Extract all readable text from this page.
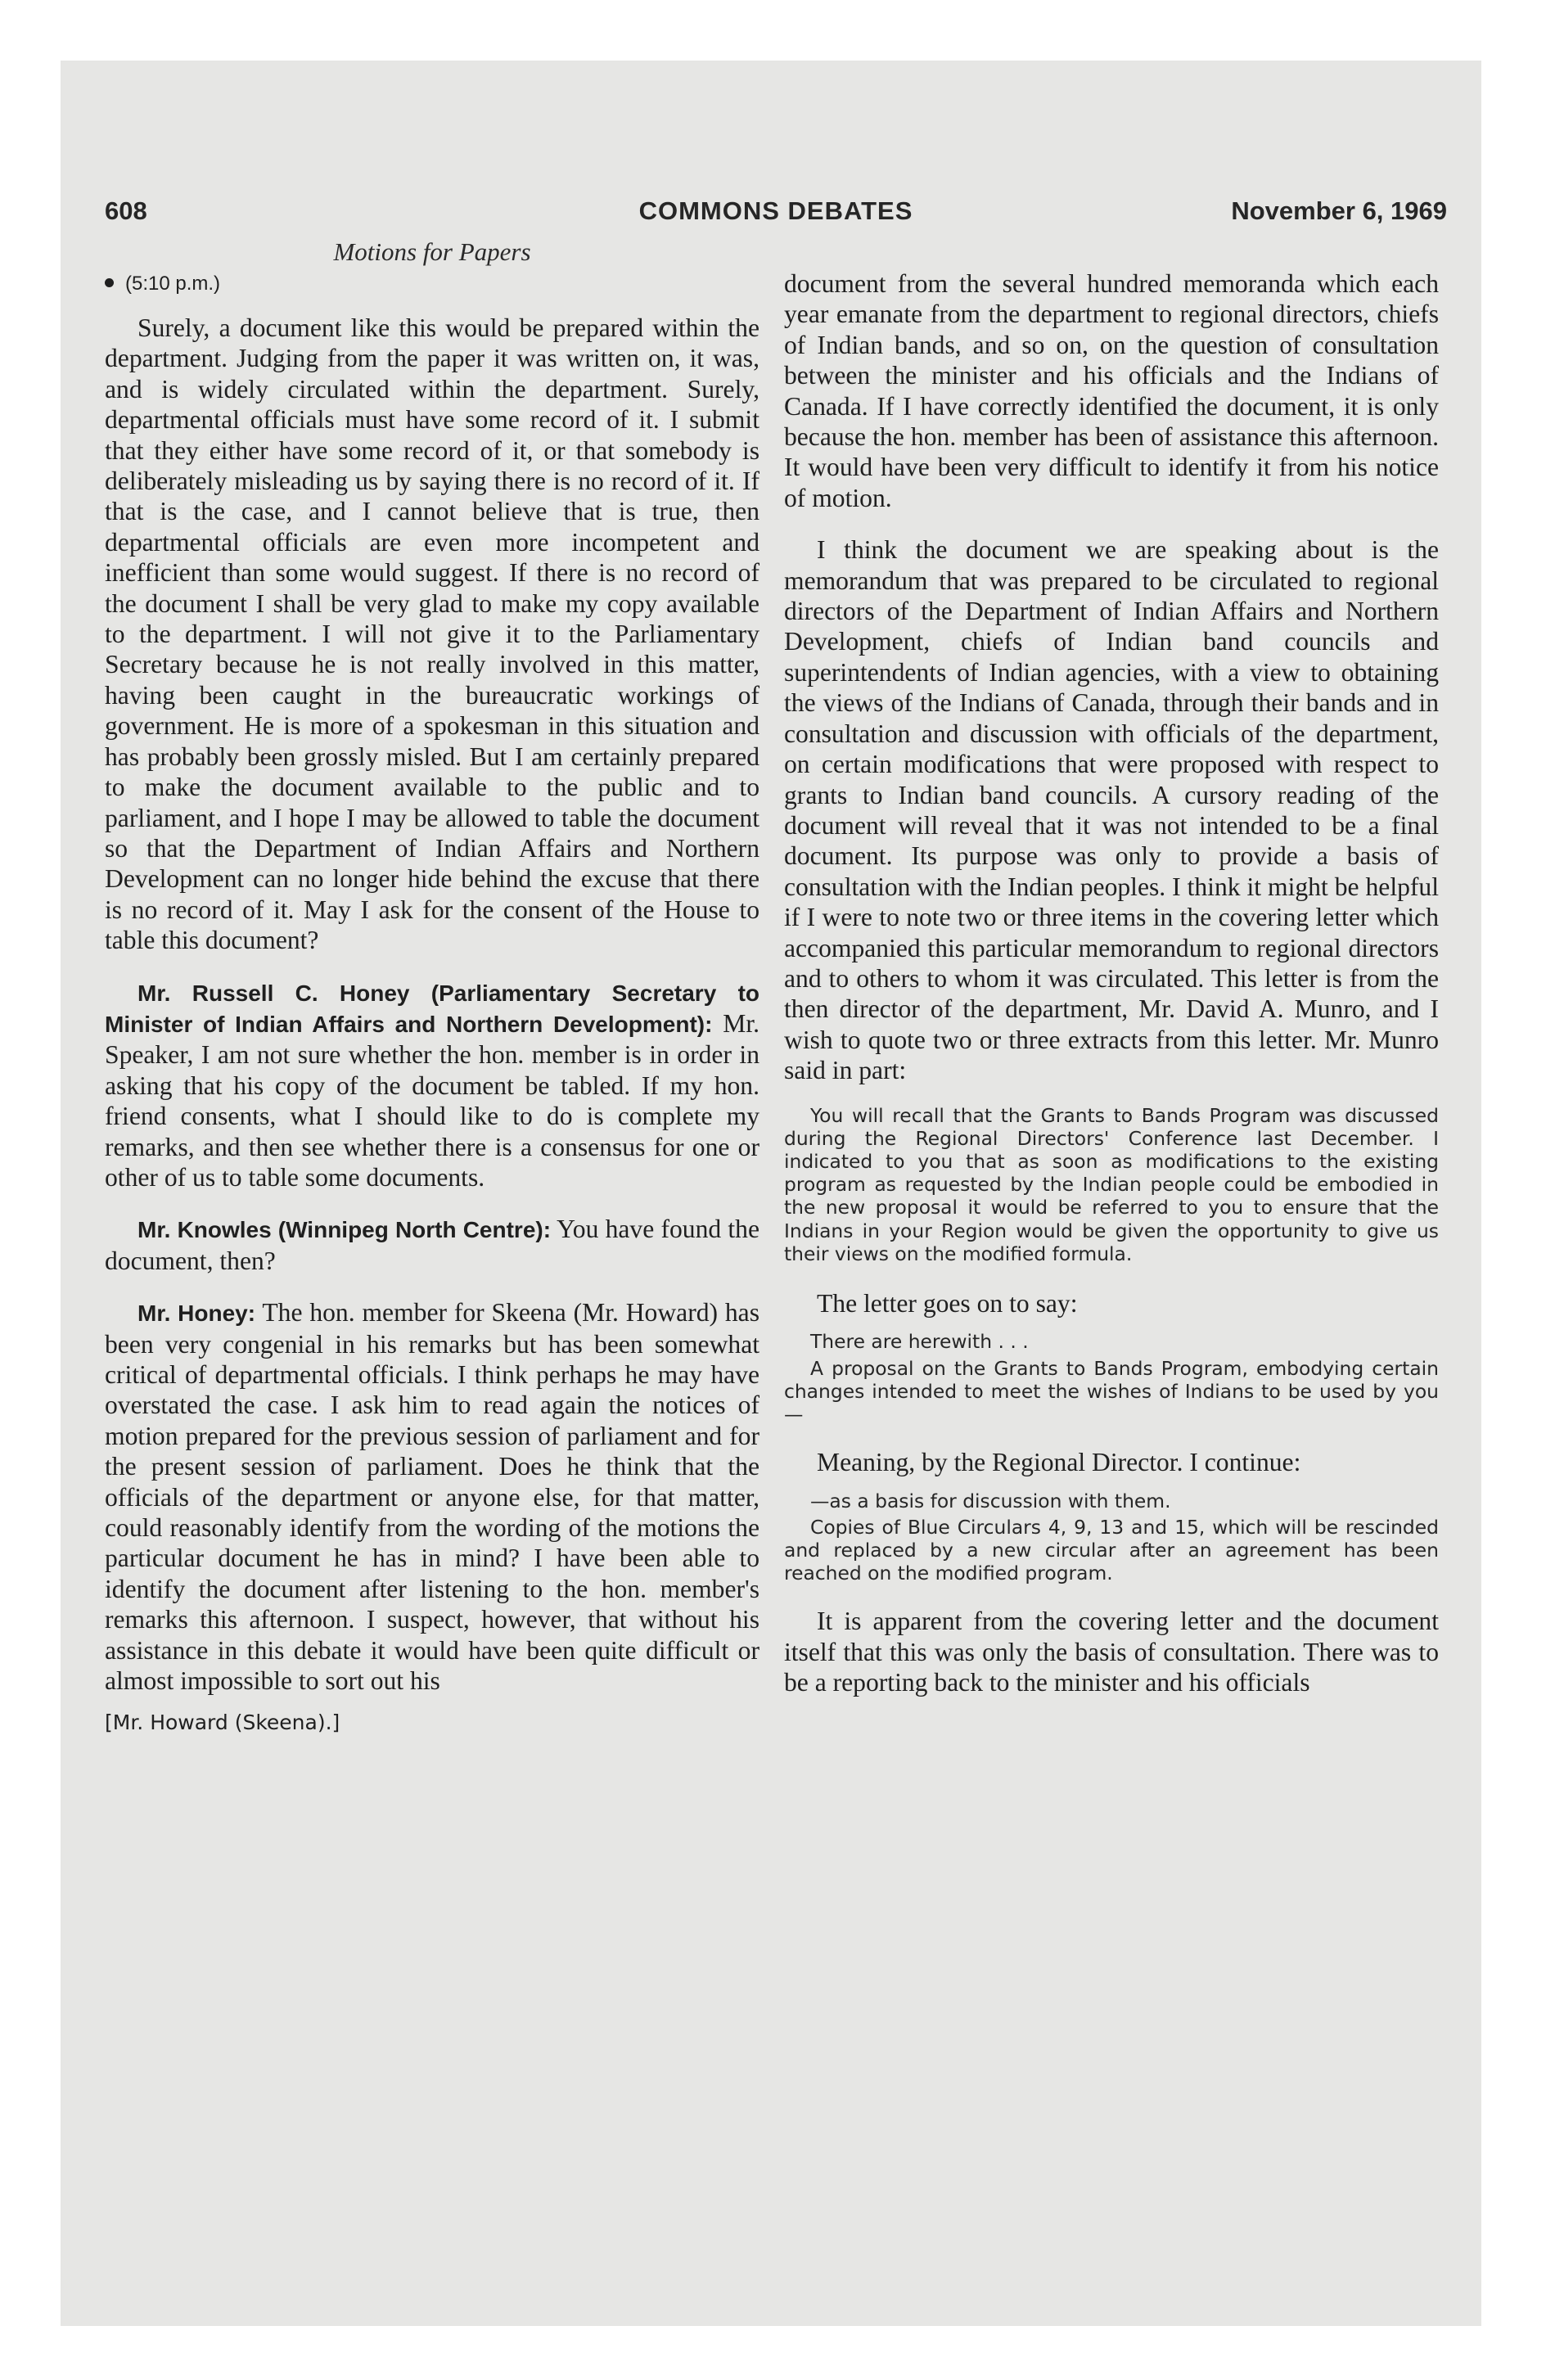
608	COMMONS DEBATES	November 6, 1969
Motions for Papers
(5:10 p.m.)

Surely, a document like this would be prepared within the department. Judging from the paper it was written on, it was, and is widely circulated within the department. Surely, departmental officials must have some record of it. I submit that they either have some record of it, or that somebody is deliberately misleading us by saying there is no record of it. If that is the case, and I cannot believe that is true, then departmental officials are even more incompetent and inefficient than some would suggest. If there is no record of the document I shall be very glad to make my copy available to the department. I will not give it to the Parliamentary Secretary because he is not really involved in this matter, having been caught in the bureaucratic workings of government. He is more of a spokesman in this situation and has probably been grossly misled. But I am certainly prepared to make the document available to the public and to parliament, and I hope I may be allowed to table the document so that the Department of Indian Affairs and Northern Development can no longer hide behind the excuse that there is no record of it. May I ask for the consent of the House to table this document?

Mr. Russell C. Honey (Parliamentary Secretary to Minister of Indian Affairs and Northern Development): Mr. Speaker, I am not sure whether the hon. member is in order in asking that his copy of the document be tabled. If my hon. friend consents, what I should like to do is complete my remarks, and then see whether there is a consensus for one or other of us to table some documents.

Mr. Knowles (Winnipeg North Centre): You have found the document, then?

Mr. Honey: The hon. member for Skeena (Mr. Howard) has been very congenial in his remarks but has been somewhat critical of departmental officials. I think perhaps he may have overstated the case. I ask him to read again the notices of motion prepared for the previous session of parliament and for the present session of parliament. Does he think that the officials of the department or anyone else, for that matter, could reasonably identify from the wording of the motions the particular document he has in mind? I have been able to identify the document after listening to the hon. member's remarks this afternoon. I suspect, however, that without his assistance in this debate it would have been quite difficult or almost impossible to sort out his

[Mr. Howard (Skeena).]

document from the several hundred memoranda which each year emanate from the department to regional directors, chiefs of Indian bands, and so on, on the question of consultation between the minister and his officials and the Indians of Canada. If I have correctly identified the document, it is only because the hon. member has been of assistance this afternoon. It would have been very difficult to identify it from his notice of motion.

I think the document we are speaking about is the memorandum that was prepared to be circulated to regional directors of the Department of Indian Affairs and Northern Development, chiefs of Indian band councils and superintendents of Indian agencies, with a view to obtaining the views of the Indians of Canada, through their bands and in consultation and discussion with officials of the department, on certain modifications that were proposed with respect to grants to Indian band councils. A cursory reading of the document will reveal that it was not intended to be a final document. Its purpose was only to provide a basis of consultation with the Indian peoples. I think it might be helpful if I were to note two or three items in the covering letter which accompanied this particular memorandum to regional directors and to others to whom it was circulated. This letter is from the then director of the department, Mr. David A. Munro, and I wish to quote two or three extracts from this letter. Mr. Munro said in part:

You will recall that the Grants to Bands Program was discussed during the Regional Directors' Conference last December. I indicated to you that as soon as modifications to the existing program as requested by the Indian people could be embodied in the new proposal it would be referred to you to ensure that the Indians in your Region would be given the opportunity to give us their views on the modified formula.

The letter goes on to say:

There are herewith . . .

A proposal on the Grants to Bands Program, embodying certain changes intended to meet the wishes of Indians to be used by you—

Meaning, by the Regional Director. I continue:

—as a basis for discussion with them.

Copies of Blue Circulars 4, 9, 13 and 15, which will be rescinded and replaced by a new circular after an agreement has been reached on the modified program.

It is apparent from the covering letter and the document itself that this was only the basis of consultation. There was to be a reporting back to the minister and his officials
